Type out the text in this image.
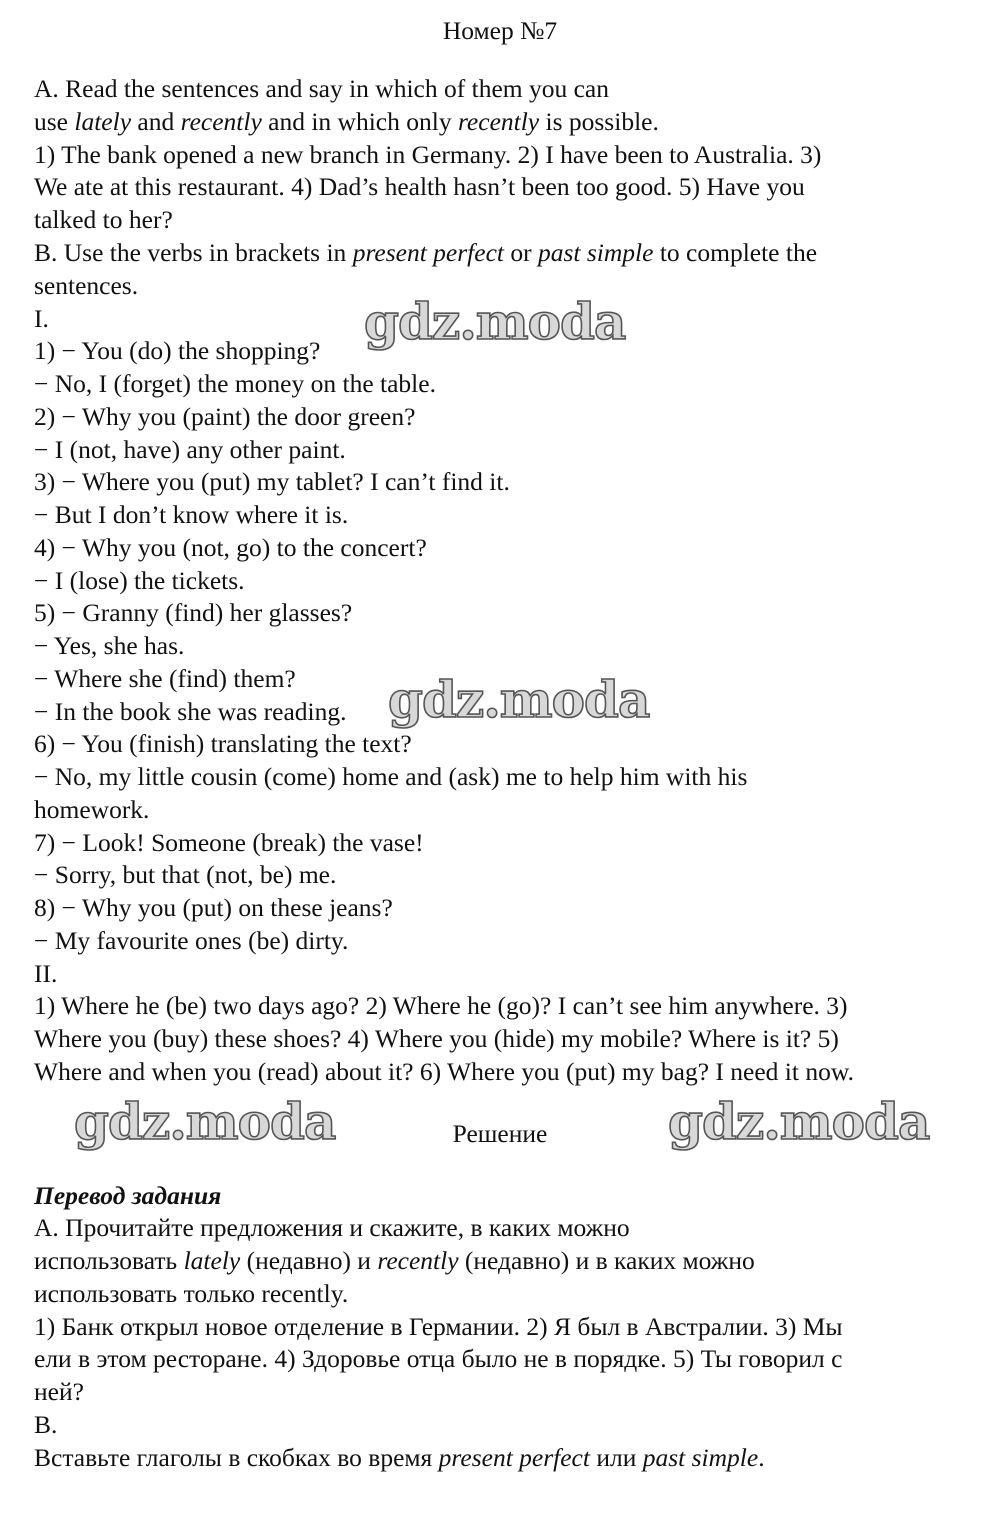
Номер №7
A. Read the sentences and say in which of them you can
use lately and recently and in which only recently is possible.
1) The bank opened a new branch in Germany. 2) I have been to Australia. 3)
We ate at this restaurant. 4) Dad’s health hasn’t been too good. 5) Have you
talked to her?
B. Use the verbs in brackets in present perfect or past simple to complete the
sentences.
I.
1) − You (do) the shopping?
− No, I (forget) the money on the table.
2) − Why you (paint) the door green?
− I (not, have) any other paint.
3) − Where you (put) my tablet? I can’t find it.
− But I don’t know where it is.
4) − Why you (not, go) to the concert?
− I (lose) the tickets.
5) − Granny (find) her glasses?
− Yes, she has.
− Where she (find) them?
− In the book she was reading.
6) − You (finish) translating the text?
− No, my little cousin (come) home and (ask) me to help him with his
homework.
7) − Look! Someone (break) the vase!
− Sorry, but that (not, be) me.
8) − Why you (put) on these jeans?
− My favourite ones (be) dirty.
II.
1) Where he (be) two days ago? 2) Where he (go)? I can’t see him anywhere. 3)
Where you (buy) these shoes? 4) Where you (hide) my mobile? Where is it? 5)
Where and when you (read) about it? 6) Where you (put) my bag? I need it now.
Решение
Перевод задания
А. Прочитайте предложения и скажите, в каких можно
использовать lately (недавно) и recently (недавно) и в каких можно
использовать только recently.
1) Банк открыл новое отделение в Германии. 2) Я был в Австралии. 3) Мы
ели в этом ресторане. 4) Здоровье отца было не в порядке. 5) Ты говорил с
ней?
B.
Вставьте глаголы в скобках во время present perfect или past simple.
gdz.moda
gdz.moda
gdz.moda	gdz.moda
